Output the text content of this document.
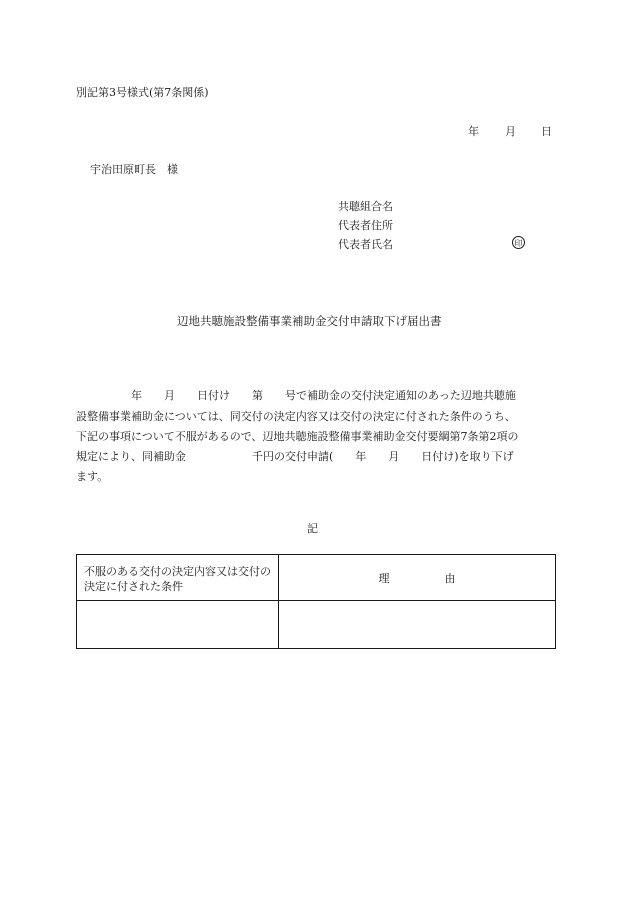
別記第3号様式(第7条関係)
年 月 日
宇治田原町長　様
共聴組合名
代表者住所
代表者氏名	印
辺地共聴施設整備事業補助金交付申請取下げ届出書
　　　　　年　　月　　日付け　　第　　号で補助金の交付決定通知のあった辺地共聴施
設整備事業補助金については、同交付の決定内容又は交付の決定に付された条件のうち、
下記の事項について不服があるので、辺地共聴施設整備事業補助金交付要綱第7条第2項の
規定により、同補助金　　　　　　千円の交付申請(　　年　　月　　日付け)を取り下げ
ます。
記
不服のある交付の決定内容又は交付の決定に付された条件
理　　　　　由
